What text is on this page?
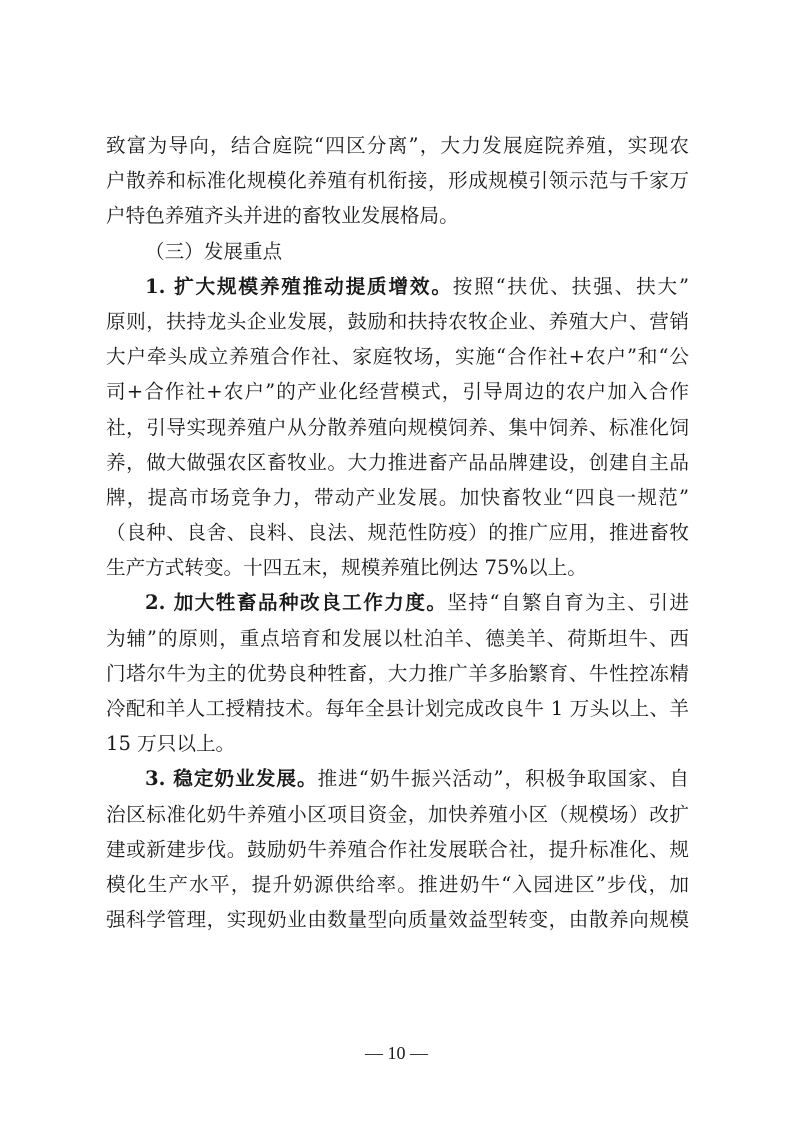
致富为导向，结合庭院“四区分离”，大力发展庭院养殖，实现农
户散养和标准化规模化养殖有机衔接，形成规模引领示范与千家万
户特色养殖齐头并进的畜牧业发展格局。
（三）发展重点
1. 扩大规模养殖推动提质增效。按照“扶优、扶强、扶大”
原则，扶持龙头企业发展，鼓励和扶持农牧企业、养殖大户、营销
大户牵头成立养殖合作社、家庭牧场，实施“合作社+农户”和“公
司+合作社+农户”的产业化经营模式，引导周边的农户加入合作
社，引导实现养殖户从分散养殖向规模饲养、集中饲养、标准化饲
养，做大做强农区畜牧业。大力推进畜产品品牌建设，创建自主品
牌，提高市场竞争力，带动产业发展。加快畜牧业“四良一规范”
（良种、良舍、良料、良法、规范性防疫）的推广应用，推进畜牧
生产方式转变。十四五末，规模养殖比例达 75%以上。
2. 加大牲畜品种改良工作力度。坚持“自繁自育为主、引进
为辅”的原则，重点培育和发展以杜泊羊、德美羊、荷斯坦牛、西
门塔尔牛为主的优势良种牲畜，大力推广羊多胎繁育、牛性控冻精
冷配和羊人工授精技术。每年全县计划完成改良牛 1 万头以上、羊
15 万只以上。
3. 稳定奶业发展。推进“奶牛振兴活动”，积极争取国家、自
治区标准化奶牛养殖小区项目资金，加快养殖小区（规模场）改扩
建或新建步伐。鼓励奶牛养殖合作社发展联合社，提升标准化、规
模化生产水平，提升奶源供给率。推进奶牛“入园进区”步伐，加
强科学管理，实现奶业由数量型向质量效益型转变，由散养向规模
— 10 —
